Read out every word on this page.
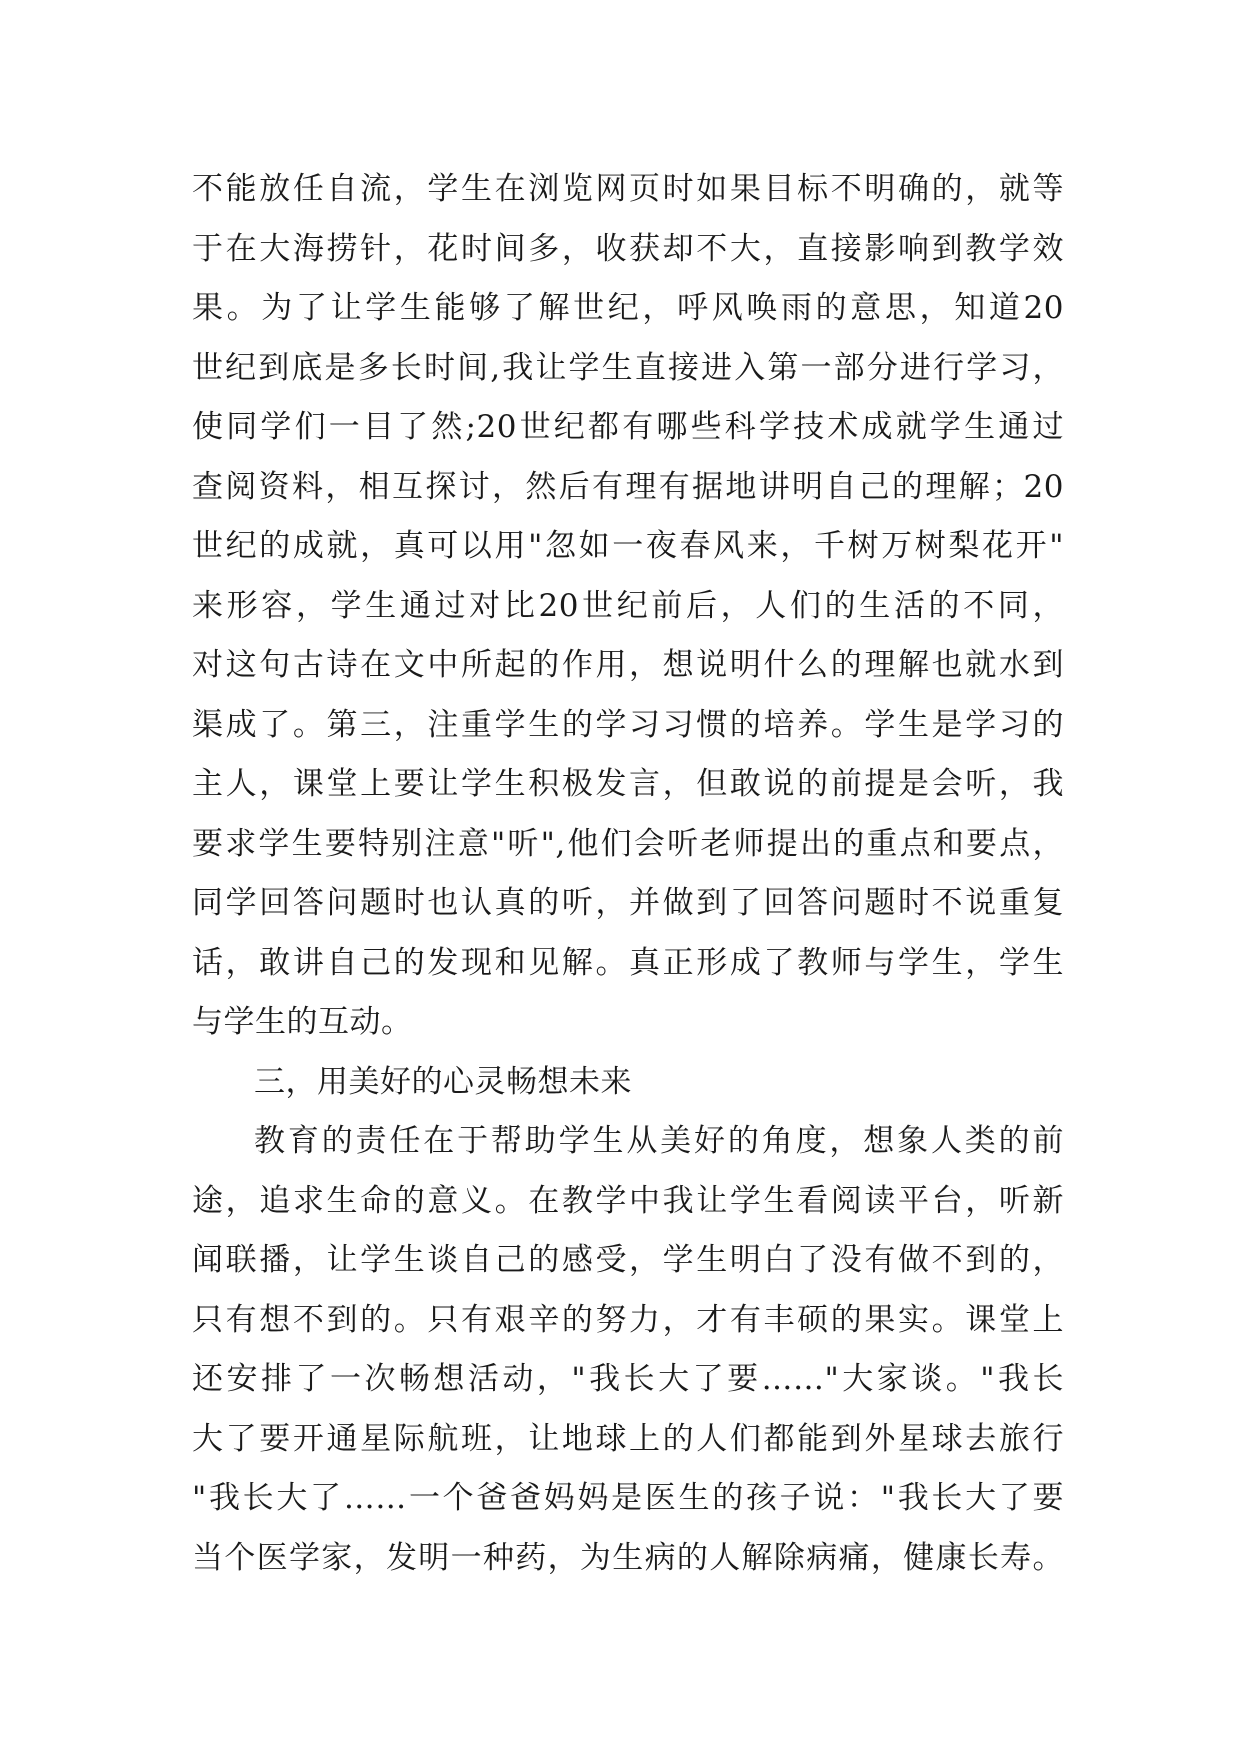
不能放任自流，学生在浏览网页时如果目标不明确的，就等
于在大海捞针，花时间多，收获却不大，直接影响到教学效
果。为了让学生能够了解世纪，呼风唤雨的意思，知道20
世纪到底是多长时间,我让学生直接进入第一部分进行学习，
使同学们一目了然;20世纪都有哪些科学技术成就学生通过
查阅资料，相互探讨，然后有理有据地讲明自己的理解；20
世纪的成就，真可以用"忽如一夜春风来，千树万树梨花开"
来形容，学生通过对比20世纪前后，人们的生活的不同，
对这句古诗在文中所起的作用，想说明什么的理解也就水到
渠成了。第三，注重学生的学习习惯的培养。学生是学习的
主人，课堂上要让学生积极发言，但敢说的前提是会听，我
要求学生要特别注意"听",他们会听老师提出的重点和要点，
同学回答问题时也认真的听，并做到了回答问题时不说重复
话，敢讲自己的发现和见解。真正形成了教师与学生，学生
与学生的互动。
三，用美好的心灵畅想未来
教育的责任在于帮助学生从美好的角度，想象人类的前
途，追求生命的意义。在教学中我让学生看阅读平台，听新
闻联播，让学生谈自己的感受，学生明白了没有做不到的，
只有想不到的。只有艰辛的努力，才有丰硕的果实。课堂上
还安排了一次畅想活动，"我长大了要……"大家谈。"我长
大了要开通星际航班，让地球上的人们都能到外星球去旅行
"我长大了……一个爸爸妈妈是医生的孩子说："我长大了要
当个医学家，发明一种药，为生病的人解除病痛，健康长寿。
